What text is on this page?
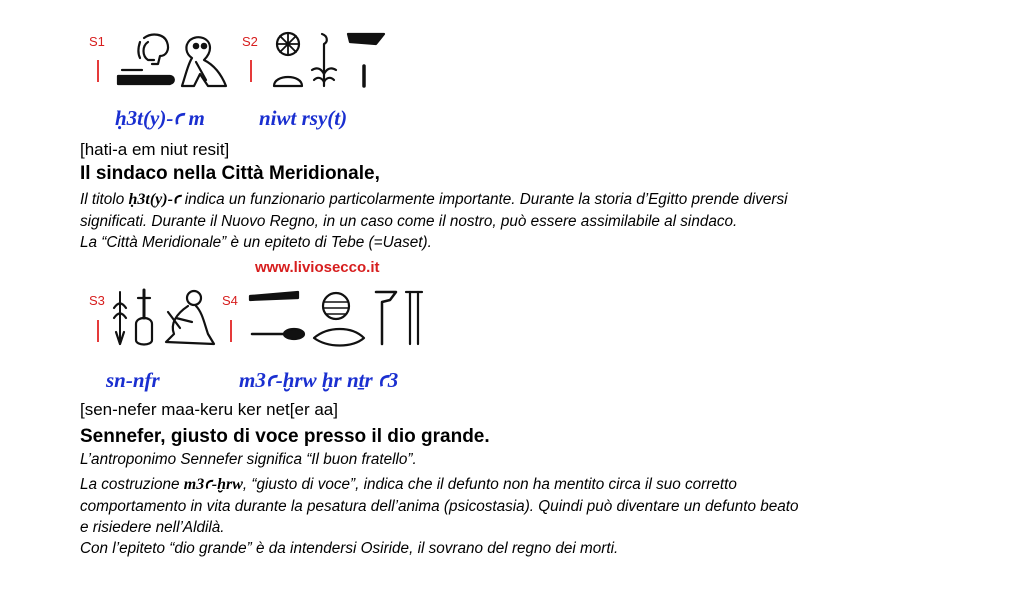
S1	S2
ḥ3t(y)-ꜥ m	niwt rsy(t)
[hati-a em niut resit]
Il sindaco nella Città Meridionale,
Il titolo ḥ3t(y)-ꜥ indica un funzionario particolarmente importante. Durante la storia d’Egitto prende diversi
significati. Durante il Nuovo Regno, in un caso come il nostro, può essere assimilabile al sindaco.
La “Città Meridionale” è un epiteto di Tebe (=Uaset).
www.liviosecco.it
S3	S4
sn-nfr	m3ꜥ-ḫrw ḫr nṯr ꜥ3
[sen-nefer maa-keru ker net[er aa]
Sennefer, giusto di voce presso il dio grande.
L’antroponimo Sennefer significa “Il buon fratello”.
La costruzione m3ꜥ-ḫrw, “giusto di voce”, indica che il defunto non ha mentito circa il suo corretto
comportamento in vita durante la pesatura dell’anima (psicostasia). Quindi può diventare un defunto beato
e risiedere nell’Aldilà.
Con l’epiteto “dio grande” è da intendersi Osiride, il sovrano del regno dei morti.
